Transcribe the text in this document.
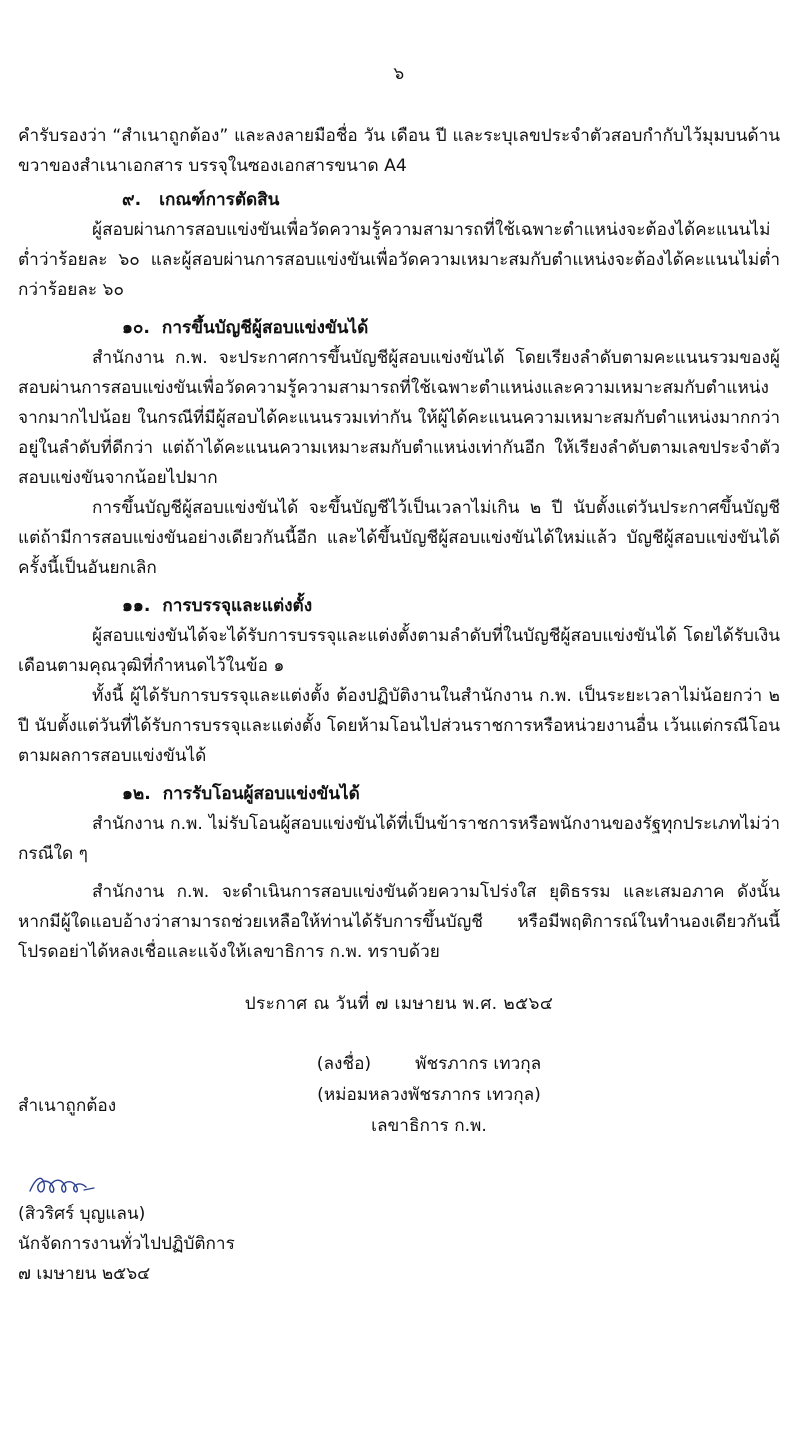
๖

คำรับรองว่า “สำเนาถูกต้อง” และลงลายมือชื่อ วัน เดือน ปี และระบุเลขประจำตัวสอบกำกับไว้มุมบนด้านขวาของสำเนาเอกสาร บรรจุในซองเอกสารขนาด A4

๙. เกณฑ์การตัดสิน

ผู้สอบผ่านการสอบแข่งขันเพื่อวัดความรู้ความสามารถที่ใช้เฉพาะตำแหน่งจะต้องได้คะแนนไม่ต่ำว่าร้อยละ ๖๐ และผู้สอบผ่านการสอบแข่งขันเพื่อวัดความเหมาะสมกับตำแหน่งจะต้องได้คะแนนไม่ต่ำกว่าร้อยละ ๖๐

๑๐. การขึ้นบัญชีผู้สอบแข่งขันได้

สำนักงาน ก.พ. จะประกาศการขึ้นบัญชีผู้สอบแข่งขันได้ โดยเรียงลำดับตามคะแนนรวมของผู้สอบผ่านการสอบแข่งขันเพื่อวัดความรู้ความสามารถที่ใช้เฉพาะตำแหน่งและความเหมาะสมกับตำแหน่งจากมากไปน้อย ในกรณีที่มีผู้สอบได้คะแนนรวมเท่ากัน ให้ผู้ได้คะแนนความเหมาะสมกับตำแหน่งมากกว่าอยู่ในลำดับที่ดีกว่า แต่ถ้าได้คะแนนความเหมาะสมกับตำแหน่งเท่ากันอีก ให้เรียงลำดับตามเลขประจำตัวสอบแข่งขันจากน้อยไปมาก

การขึ้นบัญชีผู้สอบแข่งขันได้ จะขึ้นบัญชีไว้เป็นเวลาไม่เกิน ๒ ปี นับตั้งแต่วันประกาศขึ้นบัญชี แต่ถ้ามีการสอบแข่งขันอย่างเดียวกันนี้อีก และได้ขึ้นบัญชีผู้สอบแข่งขันได้ใหม่แล้ว บัญชีผู้สอบแข่งขันได้ครั้งนี้เป็นอันยกเลิก

๑๑. การบรรจุและแต่งตั้ง

ผู้สอบแข่งขันได้จะได้รับการบรรจุและแต่งตั้งตามลำดับที่ในบัญชีผู้สอบแข่งขันได้ โดยได้รับเงินเดือนตามคุณวุฒิที่กำหนดไว้ในข้อ ๑

ทั้งนี้ ผู้ได้รับการบรรจุและแต่งตั้ง ต้องปฏิบัติงานในสำนักงาน ก.พ. เป็นระยะเวลาไม่น้อยกว่า ๒ ปี นับตั้งแต่วันที่ได้รับการบรรจุและแต่งตั้ง โดยห้ามโอนไปส่วนราชการหรือหน่วยงานอื่น เว้นแต่กรณีโอนตามผลการสอบแข่งขันได้

๑๒. การรับโอนผู้สอบแข่งขันได้

สำนักงาน ก.พ. ไม่รับโอนผู้สอบแข่งขันได้ที่เป็นข้าราชการหรือพนักงานของรัฐทุกประเภทไม่ว่ากรณีใด ๆ

สำนักงาน ก.พ. จะดำเนินการสอบแข่งขันด้วยความโปร่งใส ยุติธรรม และเสมอภาค ดังนั้น หากมีผู้ใดแอบอ้างว่าสามารถช่วยเหลือให้ท่านได้รับการขึ้นบัญชี หรือมีพฤติการณ์ในทำนองเดียวกันนี้ โปรดอย่าได้หลงเชื่อและแจ้งให้เลขาธิการ ก.พ. ทราบด้วย

ประกาศ ณ วันที่ ๗ เมษายน พ.ศ. ๒๕๖๔
(ลงชื่อ)	พัชรภากร เทวกุล
(หม่อมหลวงพัชรภากร เทวกุล)
เลขาธิการ ก.พ.
สำเนาถูกต้อง
(สิวริศร์ บุญแลน)
นักจัดการงานทั่วไปปฏิบัติการ
๗ เมษายน ๒๕๖๔
